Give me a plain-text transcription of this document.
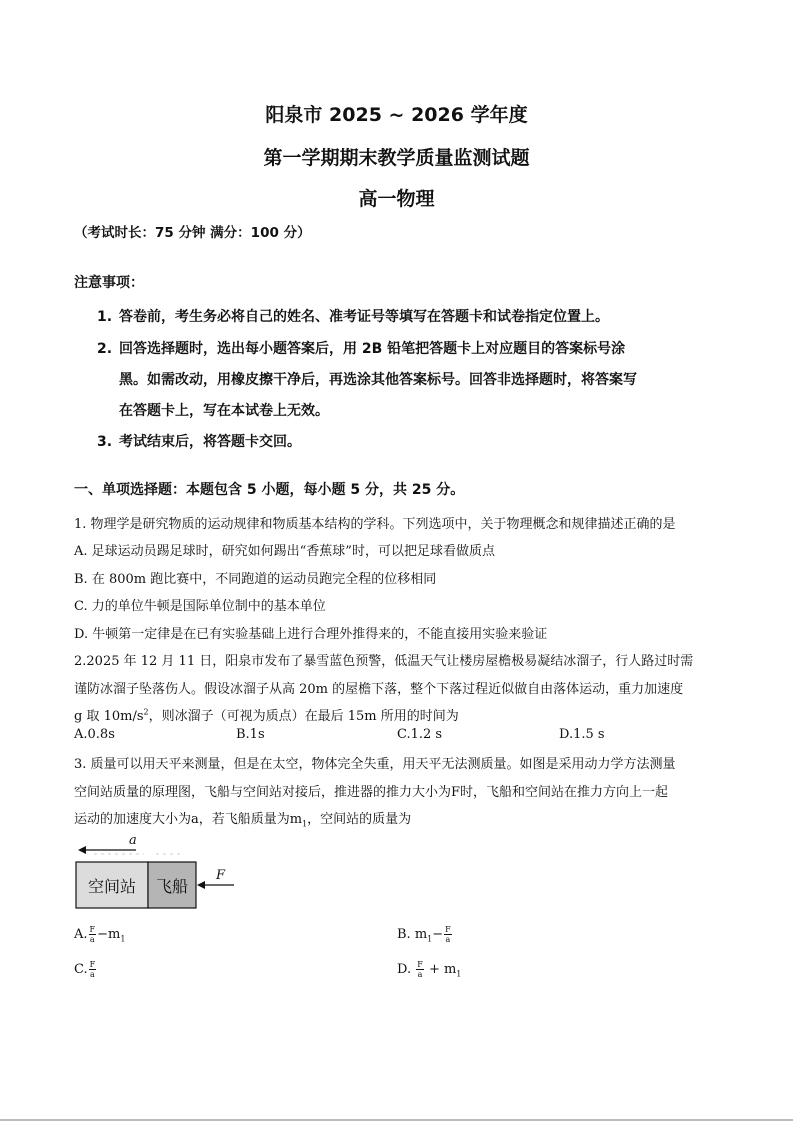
阳泉市 2025 ~ 2026 学年度
第一学期期末教学质量监测试题
高一物理
（考试时长：75 分钟 满分：100 分）
注意事项：
1. 答卷前，考生务必将自己的姓名、准考证号等填写在答题卡和试卷指定位置上。
2. 回答选择题时，选出每小题答案后，用 2B 铅笔把答题卡上对应题目的答案标号涂
黑。如需改动，用橡皮擦干净后，再选涂其他答案标号。回答非选择题时，将答案写
在答题卡上，写在本试卷上无效。
3. 考试结束后，将答题卡交回。
一、单项选择题：本题包含 5 小题，每小题 5 分，共 25 分。
1. 物理学是研究物质的运动规律和物质基本结构的学科。下列选项中，关于物理概念和规律描述正确的是
A. 足球运动员踢足球时，研究如何踢出“香蕉球”时，可以把足球看做质点
B. 在 800m 跑比赛中，不同跑道的运动员跑完全程的位移相同
C. 力的单位牛顿是国际单位制中的基本单位
D. 牛顿第一定律是在已有实验基础上进行合理外推得来的，不能直接用实验来验证
2.2025 年 12 月 11 日，阳泉市发布了暴雪蓝色预警，低温天气让楼房屋檐极易凝结冰溜子，行人路过时需
谨防冰溜子坠落伤人。假设冰溜子从高 20m 的屋檐下落，整个下落过程近似做自由落体运动，重力加速度
g 取 $10m/s^2$，则冰溜子（可视为质点）在最后 15m 所用的时间为
A.0.8s	B.1s	C.1.2 s	D.1.5 s
3. 质量可以用天平来测量，但是在太空，物体完全失重，用天平无法测质量。如图是采用动力学方法测量
空间站质量的原理图，飞船与空间站对接后，推进器的推力大小为F时，飞船和空间站在推力方向上一起
运动的加速度大小为a，若飞船质量为$m_1$，空间站的质量为
a
空间站 飞船
F
A. $\frac{F}{a} -m_1$	B. $m_1- \frac{F}{a}$
C. $\frac{F}{a}$	D. $\frac{F}{a} + m_1$
